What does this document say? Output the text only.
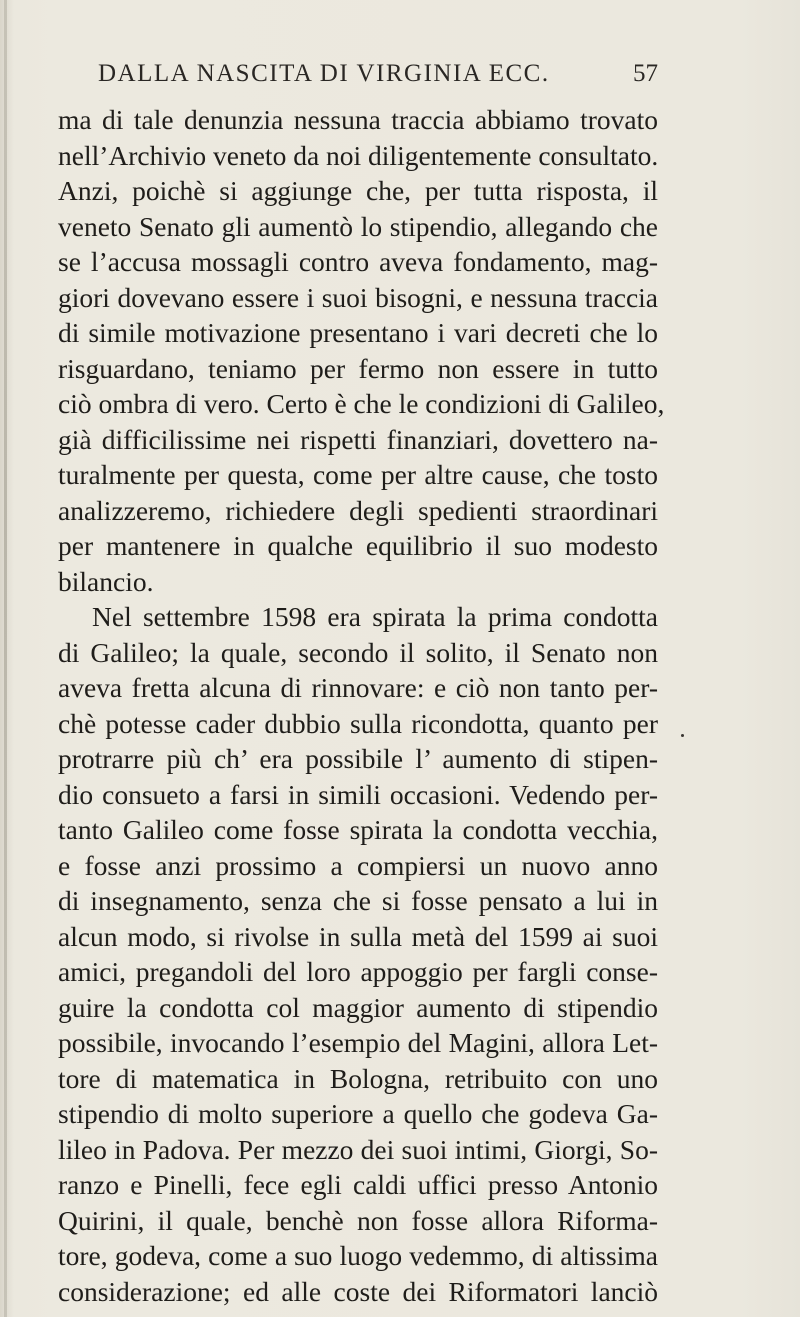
DALLA NASCITA DI VIRGINIA ECC.	57
ma di tale denunzia nessuna traccia abbiamo trovato
nell’Archivio veneto da noi diligentemente consultato.
Anzi, poichè si aggiunge che, per tutta risposta, il
veneto Senato gli aumentò lo stipendio, allegando che
se l’accusa mossagli contro aveva fondamento, mag-
giori dovevano essere i suoi bisogni, e nessuna traccia
di simile motivazione presentano i vari decreti che lo
risguardano, teniamo per fermo non essere in tutto
ciò ombra di vero. Certo è che le condizioni di Galileo,
già difficilissime nei rispetti finanziari, dovettero na-
turalmente per questa, come per altre cause, che tosto
analizzeremo, richiedere degli spedienti straordinari
per mantenere in qualche equilibrio il suo modesto
bilancio.
Nel settembre 1598 era spirata la prima condotta
di Galileo; la quale, secondo il solito, il Senato non
aveva fretta alcuna di rinnovare: e ciò non tanto per-
chè potesse cader dubbio sulla ricondotta, quanto per
protrarre più ch’ era possibile l’ aumento di stipen-
dio consueto a farsi in simili occasioni. Vedendo per-
tanto Galileo come fosse spirata la condotta vecchia,
e fosse anzi prossimo a compiersi un nuovo anno
di insegnamento, senza che si fosse pensato a lui in
alcun modo, si rivolse in sulla metà del 1599 ai suoi
amici, pregandoli del loro appoggio per fargli conse-
guire la condotta col maggior aumento di stipendio
possibile, invocando l’esempio del Magini, allora Let-
tore di matematica in Bologna, retribuito con uno
stipendio di molto superiore a quello che godeva Ga-
lileo in Padova. Per mezzo dei suoi intimi, Giorgi, So-
ranzo e Pinelli, fece egli caldi uffici presso Antonio
Quirini, il quale, benchè non fosse allora Riforma-
tore, godeva, come a suo luogo vedemmo, di altissima
considerazione; ed alle coste dei Riformatori lanciò
